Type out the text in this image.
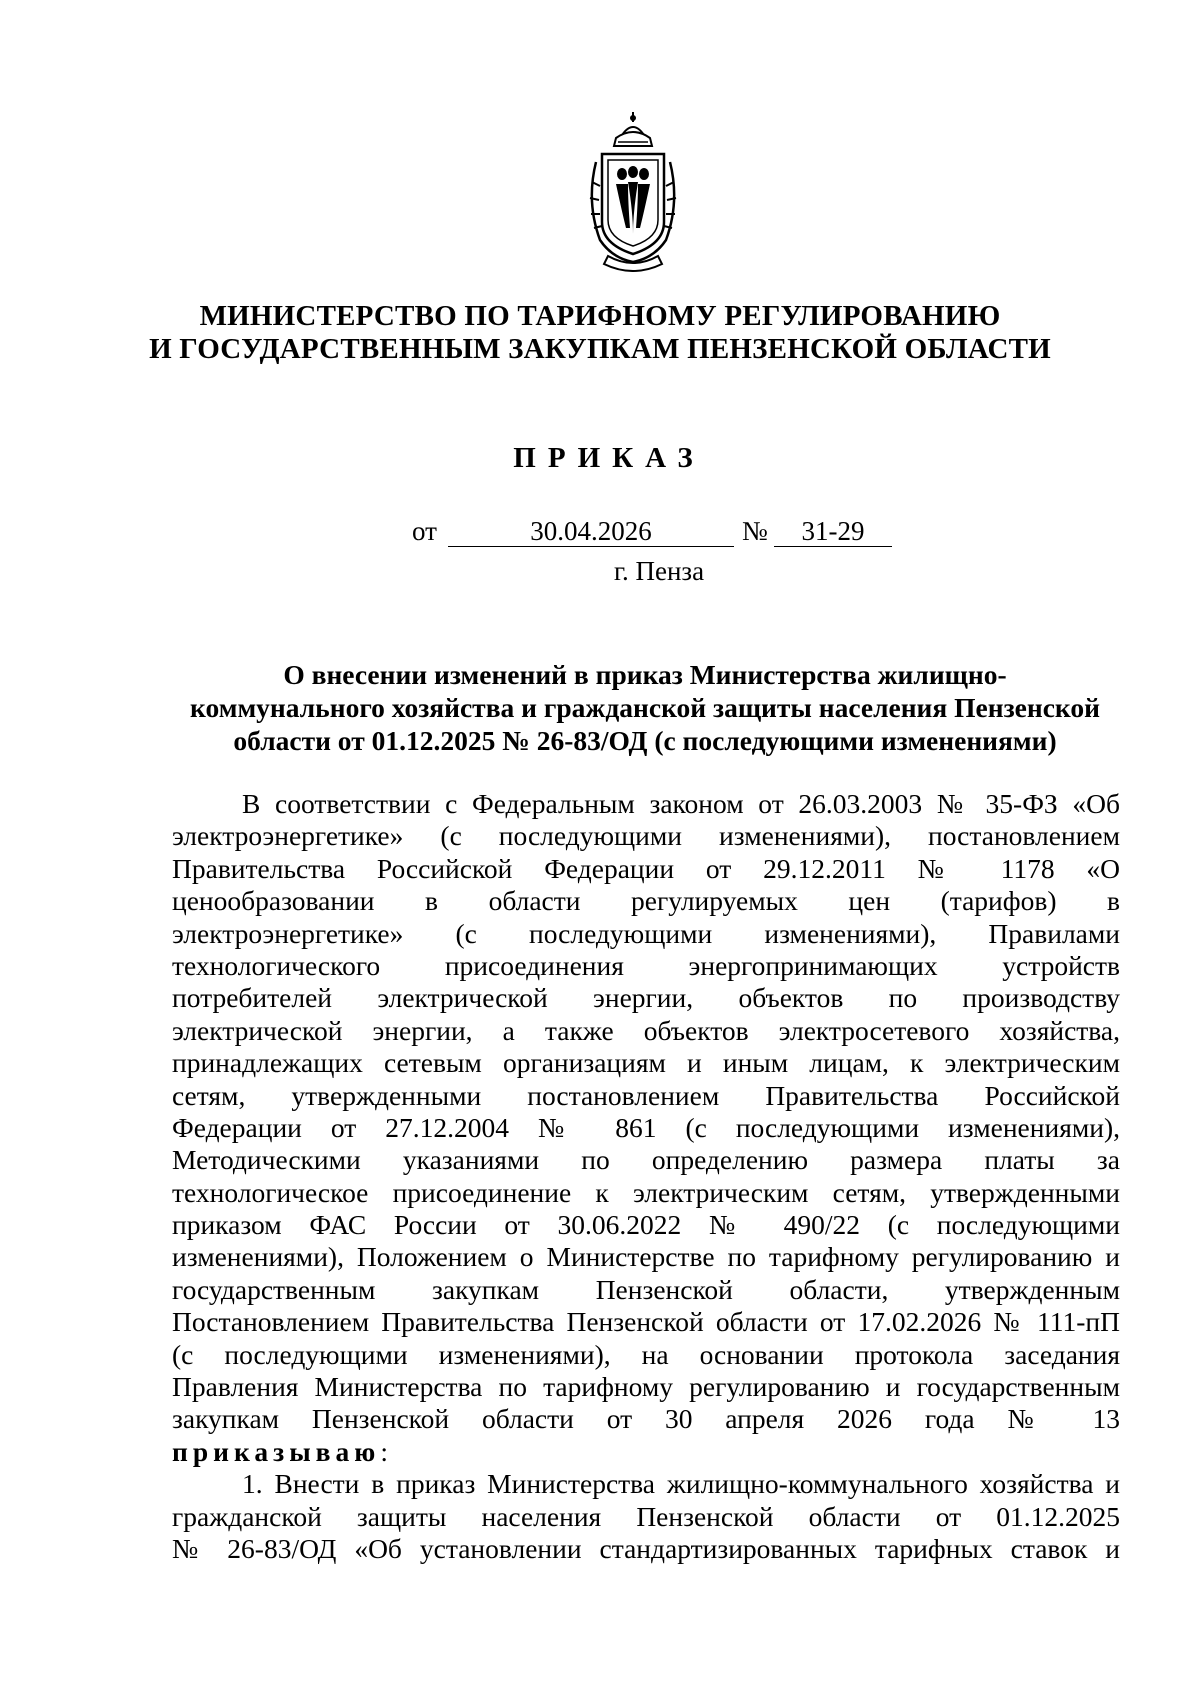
МИНИСТЕРСТВО ПО ТАРИФНОМУ РЕГУЛИРОВАНИЮ
И ГОСУДАРСТВЕННЫМ ЗАКУПКАМ ПЕНЗЕНСКОЙ ОБЛАСТИ
ПРИКАЗ
от	30.04.2026	№	31-29
г. Пенза
О внесении изменений в приказ Министерства жилищно-
коммунального хозяйства и гражданской защиты населения Пензенской
области от 01.12.2025 № 26-83/ОД (с последующими изменениями)
В соответствии с Федеральным законом от 26.03.2003 № 35-ФЗ «Об
электроэнергетике» (с последующими изменениями), постановлением
Правительства Российской Федерации от 29.12.2011 № 1178 «О
ценообразовании в области регулируемых цен (тарифов) в
электроэнергетике» (с последующими изменениями), Правилами
технологического присоединения энергопринимающих устройств
потребителей электрической энергии, объектов по производству
электрической энергии, а также объектов электросетевого хозяйства,
принадлежащих сетевым организациям и иным лицам, к электрическим
сетям, утвержденными постановлением Правительства Российской
Федерации от 27.12.2004 № 861 (с последующими изменениями),
Методическими указаниями по определению размера платы за
технологическое присоединение к электрическим сетям, утвержденными
приказом ФАС России от 30.06.2022 № 490/22 (с последующими
изменениями), Положением о Министерстве по тарифному регулированию и
государственным закупкам Пензенской области, утвержденным
Постановлением Правительства Пензенской области от 17.02.2026 № 111-пП
(с последующими изменениями), на основании протокола заседания
Правления Министерства по тарифному регулированию и государственным
закупкам Пензенской области от 30 апреля 2026 года № 13
приказываю:
1. Внести в приказ Министерства жилищно-коммунального хозяйства и
гражданской защиты населения Пензенской области от 01.12.2025
№ 26-83/ОД «Об установлении стандартизированных тарифных ставок и
